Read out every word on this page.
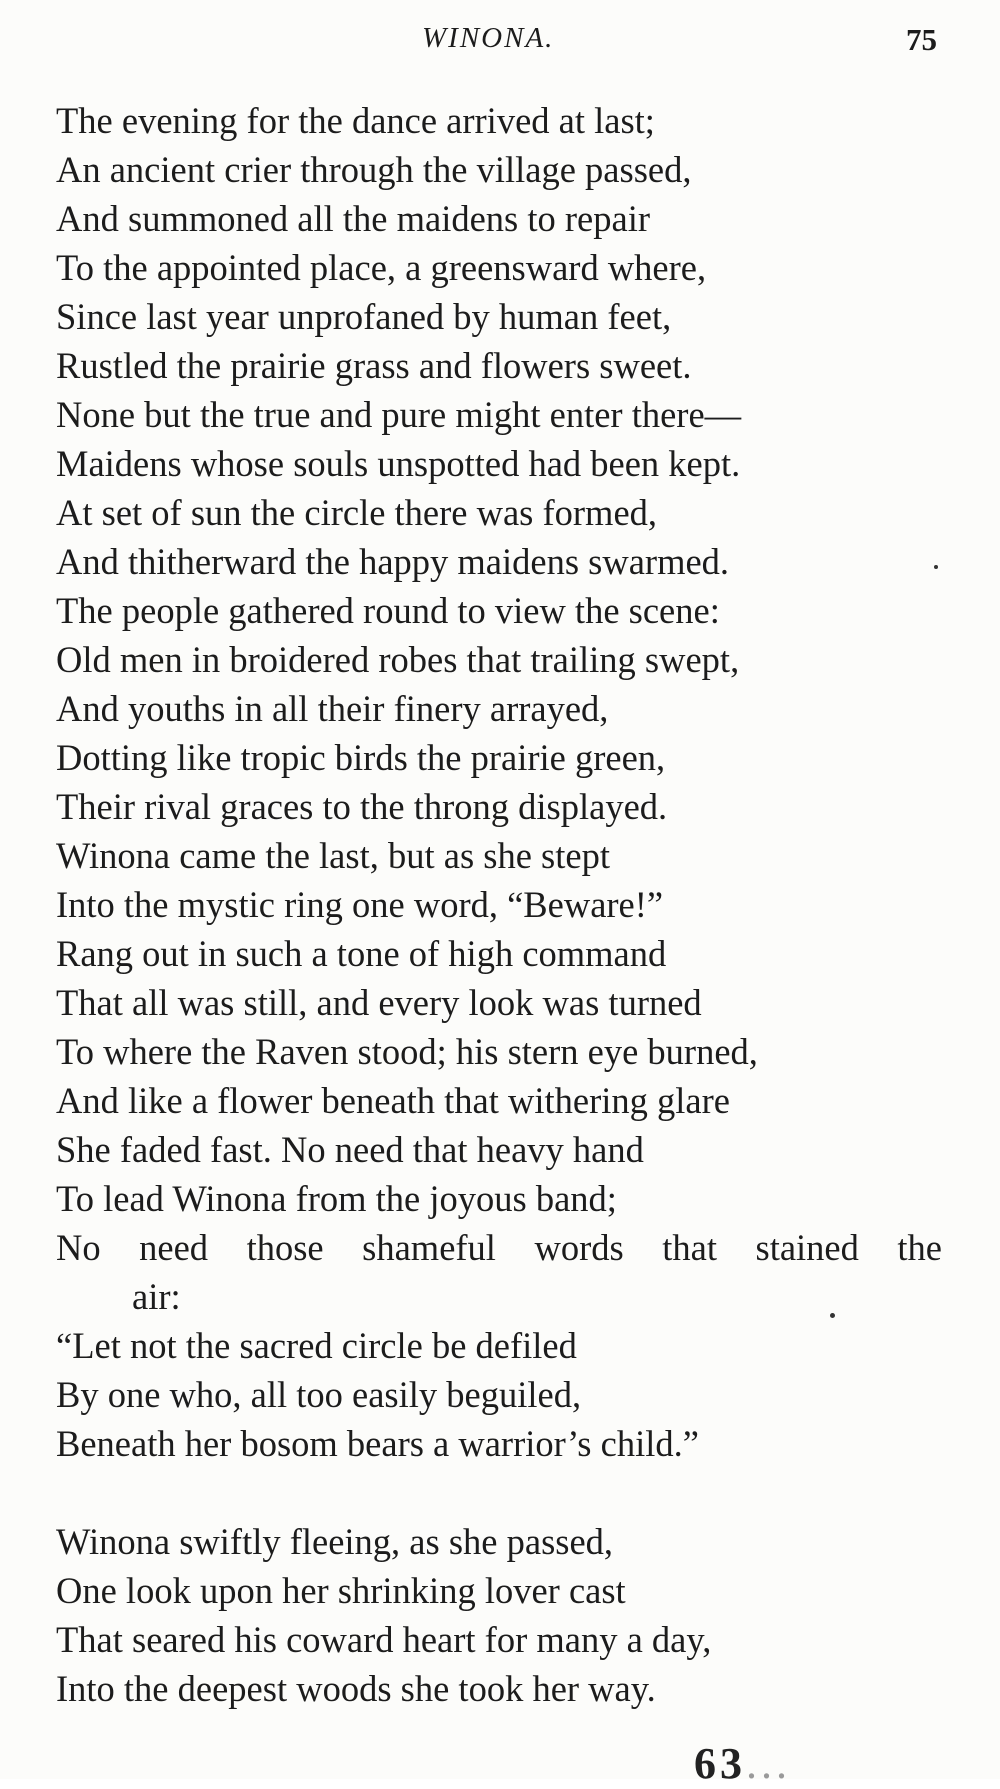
WINONA.	75
The evening for the dance arrived at last;
An ancient crier through the village passed,
And summoned all the maidens to repair
To the appointed place, a greensward where,
Since last year unprofaned by human feet,
Rustled the prairie grass and flowers sweet.
None but the true and pure might enter there—
Maidens whose souls unspotted had been kept.
At set of sun the circle there was formed,
And thitherward the happy maidens swarmed.
The people gathered round to view the scene:
Old men in broidered robes that trailing swept,
And youths in all their finery arrayed,
Dotting like tropic birds the prairie green,
Their rival graces to the throng displayed.
Winona came the last, but as she stept
Into the mystic ring one word, “Beware!”
Rang out in such a tone of high command
That all was still, and every look was turned
To where the Raven stood; his stern eye burned,
And like a flower beneath that withering glare
She faded fast. No need that heavy hand
To lead Winona from the joyous band;
No need those shameful words that stained the
air:
“Let not the sacred circle be defiled
By one who, all too easily beguiled,
Beneath her bosom bears a warrior’s child.”
Winona swiftly fleeing, as she passed,
One look upon her shrinking lover cast
That seared his coward heart for many a day,
Into the deepest woods she took her way.
63...
